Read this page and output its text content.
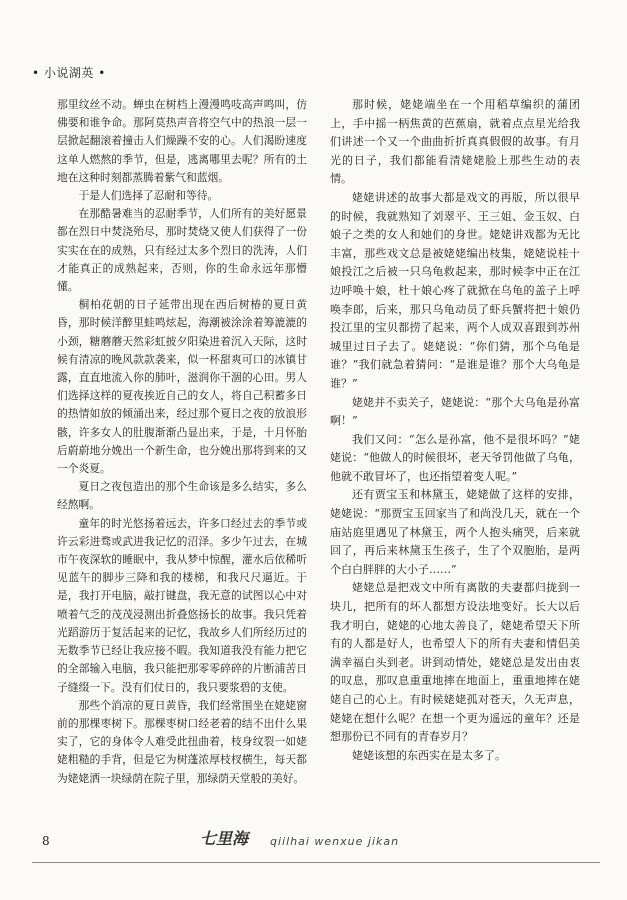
• 小说湖英 •

那里纹丝不动。蝉虫在树档上漫漫鸣吱高声鸣叫，仿佛要和谁争命。那阿莫热声音将空气中的热浪一层一层掀起翻滚着撞击人们燥躁不安的心。人们渴盼速度这单人燃熬的季节，但是，逃离哪里去呢？所有的土地在这种时刻都蒸腾着紫气和蓝烟。

于是人们选择了忍耐和等待。

在那酷暑难当的忍耐季节，人们所有的美好愿景都在烈日中焚浇殆尽，那时焚烧又使人们获得了一份实实在在的成熟，只有经过太多个烈日的洗涛，人们才能真正的成熟起来，否则，你的生命永远年那懵懂。

桐柏花朝的日子延带出现在西后树椿的夏日黄昏，那时候洋醉里蛙鸣炫起，海潮被涂涂着筹漉漉的小颈，糖蘑蘑天然彩虹披夕阳染进着沉入天际，这时候有清凉的晚风款款袭来，似一杯甜爽可口的冰镇甘露，直直地流入你的肺叶，滋润你干涸的心田。男人们选择这样的夏夜挨近自己的女人，将自己积蓄多日的热情如放的倾涌出来，经过那个夏日之夜的放浪形骸，许多女人的肚腹渐渐凸显出来，于是，十月怀胎后蔚蔚地分娩出一个新生命，也分娩出那将到来的又一个炎夏。

夏日之夜包造出的那个生命该是多么结实，多么经熬啊。

童年的时光悠扬着远去，许多口经过去的季节或许云彩进骛或武进我记忆的沼泽。多少午过去，在城市午夜深软的睡眠中，我从梦中惊醒，灌水后依稀听见蓝午的脚步三降和我的楼梯，和我尺尺逼近。于是，我打开电脑，敲打键盘，我无意的试图以心中对喷着气乏的茂茂浸测出折叠悠扬长的故事。我只凭着光蹈游历于复活起来的记忆，我故乡人们所经历过的无数季节已经让我应接不暇。我知道我没有能力把它的全部输入电脑，我只能把那零零碎碎的片断浦苦日子缝缀一下。没有们仗日的，我只要浆碧的支使。

那些个消凉的夏日黄昏，我们经常围坐在姥姥窗前的那棵枣树下。那棵枣树口经老着的结不出什么果实了，它的身体令人难受此扭曲着，枝身纹裂一如姥姥粗糙的手背，但是它为树蓬浓厚枝杈横生，每天都为姥姥洒一块绿荫在院子里，那绿荫天堂般的美好。

那时候，姥姥端坐在一个用稻草编织的蒲团上，手中摇一柄焦黄的芭蕉扇，就着点点星光给我们讲述一个又一个曲曲折折真真假假的故事。有月光的日子，我们都能看清姥姥脸上那些生动的表情。

姥姥讲述的故事大都是戏文的再版，所以很早的时候，我就熟知了刘翠平、王三姐、金玉奴、白娘子之类的女人和她们的身世。姥姥讲戏都为无比丰富，那些戏文总是被姥姥编出枝集，姥姥说桂十娘投江之后被一只乌龟救起来，那时候李中正在江边呼唤十娘，杜十娘心疼了就掀在乌龟的盖子上呼唤李郎，后来，那只乌龟动员了虾兵蟹将把十娘仍投江里的宝贝都捞了起来，两个人成双喜跟到苏州城里过日子去了。姥姥说：“你们猜，那个乌龟是谁？”我们就急着猜问：“是谁是谁？那个大乌龟是谁？”

姥姥并不卖关子，姥姥说：“那个大乌龟是孙富啊！”

我们又问：“怎么是孙富，他不是很坏吗？”姥姥说：“他做人的时候很坏，老天爷罚他做了乌龟，他就不敢冒坏了，也还指望着变人呢。”

还有贾宝玉和林黛玉，姥姥做了这样的安排，姥姥说：“那贾宝玉回家当了和尚没几天，就在一个庙站庭里遇见了林黛玉，两个人抱头痛哭，后来就回了，再后来林黛玉生孩子，生了个双胞胎，是两个白白胖胖的大小子……”

姥姥总是把戏文中所有离散的夫妻都归拢到一块儿，把所有的坏人都想方设法地变好。长大以后我才明白，姥姥的心地太善良了，姥姥希望天下所有的人都是好人，也希望人下的所有夫妻和情侣美满幸福白头到老。讲到动情处，姥姥总是发出由衷的叹息，那叹息重重地摔在地面上，重重地摔在姥姥自己的心上。有时候姥姥孤对苍天，久无声息，姥姥在想什么呢？在想一个更为遥远的童年？还是想那份已不同有的青春岁月？

姥姥该想的东西实在是太多了。

8	七里海 qiilhai wenxue jikan
